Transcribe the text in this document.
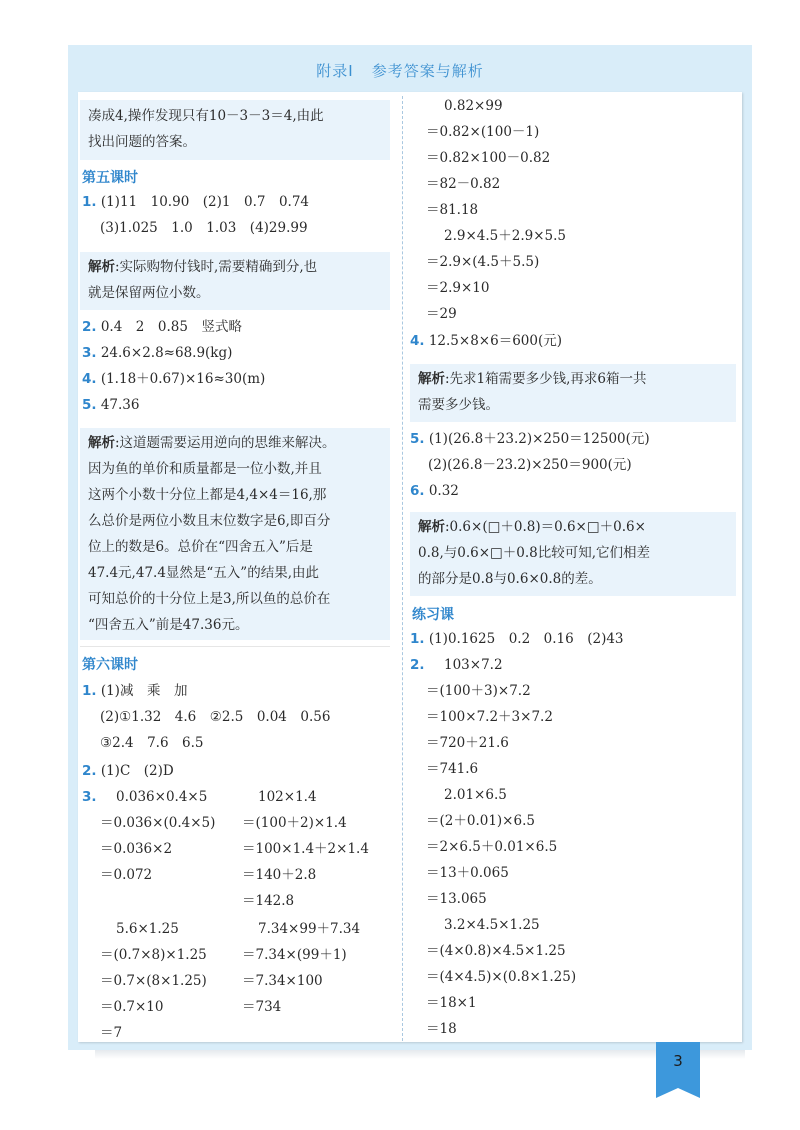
附录Ⅰ 参考答案与解析
凑成4,操作发现只有10－3－3＝4,由此
找出问题的答案。
第五课时
1. (1)11　10.90　(2)1　0.7　0.74
(3)1.025　1.0　1.03　(4)29.99
解析:实际购物付钱时,需要精确到分,也
就是保留两位小数。
2. 0.4　2　0.85　竖式略
3. 24.6×2.8≈68.9(kg)
4. (1.18＋0.67)×16≈30(m)
5. 47.36
解析:这道题需要运用逆向的思维来解决。
因为鱼的单价和质量都是一位小数,并且
这两个小数十分位上都是4,4×4＝16,那
么总价是两位小数且末位数字是6,即百分
位上的数是6。总价在“四舍五入”后是
47.4元,47.4显然是“五入”的结果,由此
可知总价的十分位上是3,所以鱼的总价在
“四舍五入”前是47.36元。
第六课时
1. (1)减　乘　加
(2)①1.32　4.6　②2.5　0.04　0.56
③2.4　7.6　6.5
2. (1)C　(2)D
3. 0.036×0.4×5
＝0.036×(0.4×5)
＝0.036×2
＝0.072
102×1.4
＝(100＋2)×1.4
＝100×1.4＋2×1.4
＝140＋2.8
＝142.8
5.6×1.25
＝(0.7×8)×1.25
＝0.7×(8×1.25)
＝0.7×10
＝7
7.34×99＋7.34
＝7.34×(99＋1)
＝7.34×100
＝734
0.82×99
＝0.82×(100－1)
＝0.82×100－0.82
＝82－0.82
＝81.18
2.9×4.5＋2.9×5.5
＝2.9×(4.5＋5.5)
＝2.9×10
＝29
4. 12.5×8×6＝600(元)
解析:先求1箱需要多少钱,再求6箱一共
需要多少钱。
5. (1)(26.8＋23.2)×250＝12500(元)
(2)(26.8－23.2)×250＝900(元)
6. 0.32
解析:0.6×(□＋0.8)＝0.6×□＋0.6×
0.8,与0.6×□＋0.8比较可知,它们相差
的部分是0.8与0.6×0.8的差。
练习课
1. (1)0.1625　0.2　0.16　(2)43
2. 103×7.2
＝(100＋3)×7.2
＝100×7.2＋3×7.2
＝720＋21.6
＝741.6
2.01×6.5
＝(2＋0.01)×6.5
＝2×6.5＋0.01×6.5
＝13＋0.065
＝13.065
3.2×4.5×1.25
＝(4×0.8)×4.5×1.25
＝(4×4.5)×(0.8×1.25)
＝18×1
＝18
3
